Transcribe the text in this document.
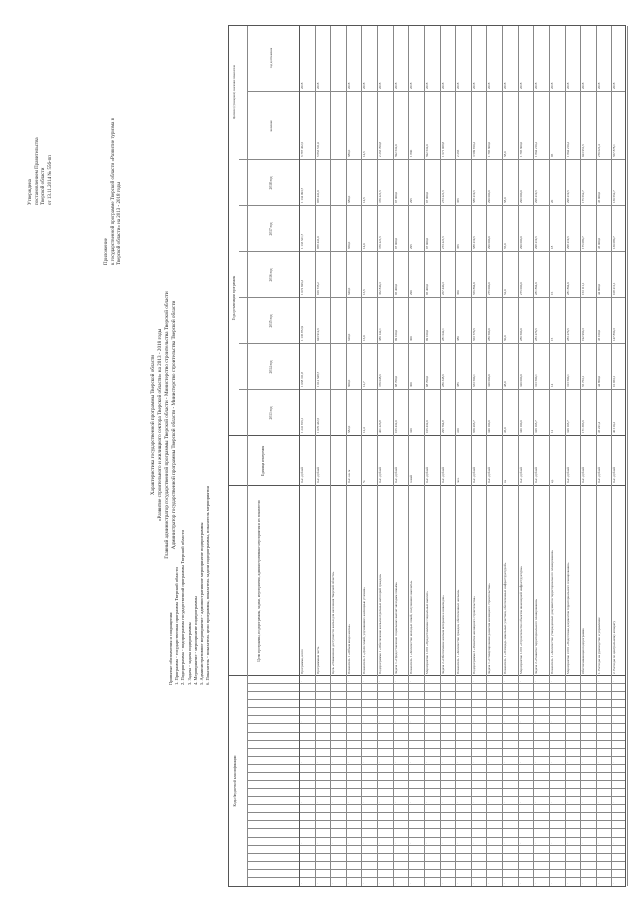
Утверждена постановлением Правительства Тверской области от 13.11.2014 № 556-пп
Приложение к государственной программе Тверской области «Развитие туризма в Тверской области» на 2013 - 2018 годы
Характеристика государственной программы Тверской области «Развитие строительного и жилищного сектора Тверской области» на 2013 - 2018 годы Главный администратор государственной программы Тверской области - Министерство строительства Тверской области Администратор государственной программы Тверской области - Министерство строительства Тверской области
Принятые обозначения и сокращения: 1. Программа - государственная программа Тверской области 2. Подпрограмма - подпрограмма государственной программы Тверской области 3. Задача - задача подпрограммы 4. Мероприятие - мероприятие подпрограммы 5. Административное мероприятие - административное мероприятие подпрограммы 6. Показатель - показатель цели программы, показатель задачи подпрограммы, показатель мероприятия
Коды бюджетной классификации
Цели программы, подпрограммы, задачи, мероприятия, административные мероприятия и их показатели
Единица измерения
Годы реализации программы
2013 год
2014 год
2015 год
2016 год
2017 год
2018 год
Целевое (суммарное) значение показателя
значение
год достижения
Программа, всего
тыс. рублей
1 241 816,1
1 068 311,8
1 136 872,9
1 072 846,3
1 133 521,7
1 134 093,7
6 787 462,5
2018
·
·
·
·
·
·
Программная часть
тыс. рублей
1 070 432,5
1 012 548,7
943 912,6
919 735,2
958 441,0
958 441,0
5 863 511,0
2018
·
·
·
·
·
·
Цель «Повышение доступности жилья для населения Тверской области»
·
·
·
·
·
·
Показатель 1 «Объем ввода жилья»
тыс. кв. м
582,0
600,0
620,0
640,0
660,0
680,0
680,0
2018
·
·
·
·
·
·
Показатель 2 «Доля семей, улучшивших жилищные условия»
%
12,4
12,7
13,0
13,5
14,0
14,5
14,5
2018
·
·
·
·
·
·
Подпрограмма 1 «Обеспечение жильем отдельных категорий граждан»
тыс. рублей
401 226,8
379 048,6
380 142,1
362 840,3
370 221,5
370 221,5
2 263 700,8
2018
·
·
·
·
·
·
Задача 1 «Предоставление социальных выплат молодым семьям»
тыс. рублей
105 432,0
98 700,0
99 100,0
95 400,0
97 000,0
97 000,0
592 632,0
2018
·
·
·
·
·
·
Показатель 1 «Количество молодых семей, получивших выплаты»
семей
320
300
300
290
295
295
1 800
2018
·
·
·
·
·
·
Мероприятие 1.001 «Предоставление социальных выплат»
тыс. рублей
105 432,0
98 700,0
99 100,0
95 400,0
97 000,0
97 000,0
592 632,0
2018
·
·
·
·
·
·
Задача 2 «Обеспечение жильем ветеранов и инвалидов»
тыс. рублей
295 794,8
280 348,6
281 042,1
267 440,3
273 221,5
273 221,5
1 671 068,8
2018
·
·
·
·
·
·
Показатель 1 «Количество граждан, обеспеченных жильем»
чел.
410
385
380
360
365
365
2 265
2018
·
·
·
·
·
·
Подпрограмма 2 «Развитие жилищного строительства»
тыс. рублей
669 205,7
633 500,1
563 770,5
556 894,9
588 219,5
588 219,5
3 599 810,2
2018
·
·
·
·
·
·
Задача 1 «Стимулирование развития жилищного строительства»
тыс. рублей
340 100,0
320 000,0
280 500,0
275 000,0
290 000,0
290 000,0
1 795 600,0
2018
·
·
·
·
·
·
Показатель 1 «Площадь земельных участков, обеспеченных инфраструктурой»
га
45,0
48,0
50,0
52,0
55,0
58,0
58,0
2018
·
·
·
·
·
·
Мероприятие 1.001 «Строительство объектов инженерной инфраструктуры»
тыс. рублей
340 100,0
320 000,0
280 500,0
275 000,0
290 000,0
290 000,0
1 795 600,0
2018
·
·
·
·
·
·
Задача 2 «Развитие территориального планирования»
тыс. рублей
329 105,7
313 500,1
283 270,5
281 894,9
298 219,5
298 219,5
1 804 210,2
2018
·
·
·
·
·
·
Показатель 1 «Количество утвержденных документов территориального планирования»
ед.
12
14
15
16
18
20
95
2018
·
·
·
·
·
·
Мероприятие 2.001 «Подготовка документов территориального планирования»
тыс. рублей
329 105,7
313 500,1
283 270,5
281 894,9
298 219,5
298 219,5
1 804 210,2
2018
·
·
·
·
·
·
Обеспечивающая подпрограмма
тыс. рублей
171 383,6
55 763,1
192 960,3
153 111,1
175 080,7
175 652,7
923 951,5
2018
·
·
·
·
·
·
1. Расходы на руководство и управление
тыс. рублей
45 221,4
44 800,0
45 100,0
44 900,0
45 000,0
45 000,0
270 021,4
2018
·
·
·
·
·
·
2. Расходы по центральному аппарату
тыс. рублей
40 110,2
10 963,1
147 860,3
108 211,1
130 080,7
130 652,7
567 878,1
2018
·
·
·
·
·
·
